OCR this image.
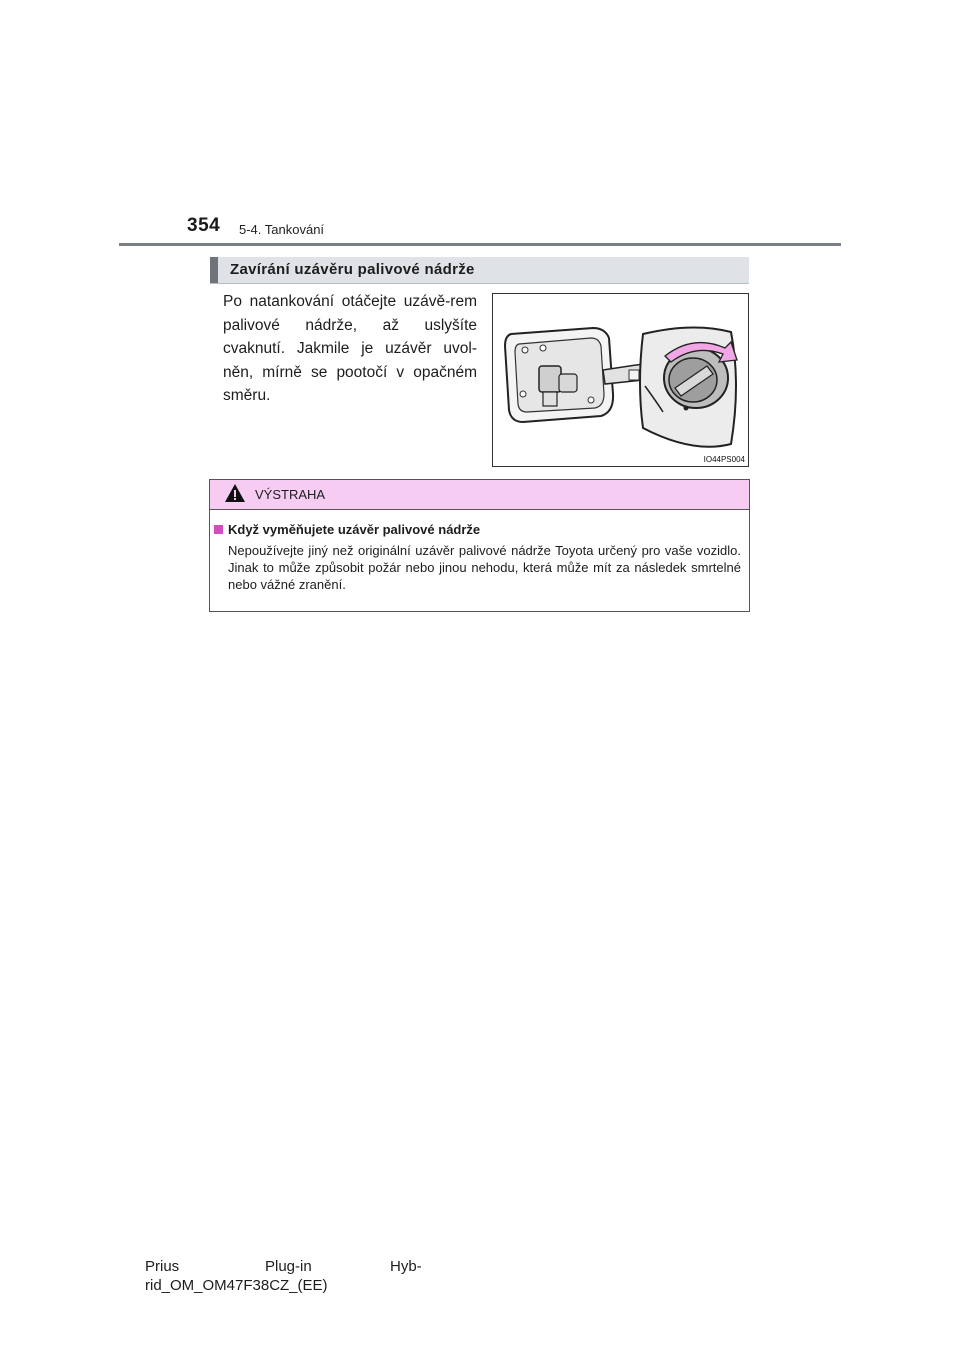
354 5-4. Tankování
Zavírání uzávěru palivové nádrže
Po natankování otáčejte uzávě-rem palivové nádrže, až uslyšíte cvaknutí. Jakmile je uzávěr uvol-něn, mírně se pootočí v opačném směru.
IO44PS004
VÝSTRAHA
Když vyměňujete uzávěr palivové nádrže
Nepoužívejte jiný než originální uzávěr palivové nádrže Toyota určený pro vaše vozidlo. Jinak to může způsobit požár nebo jinou nehodu, která může mít za následek smrtelné nebo vážné zranění.
Prius	Plug-in	Hyb-
rid_OM_OM47F38CZ_(EE)
